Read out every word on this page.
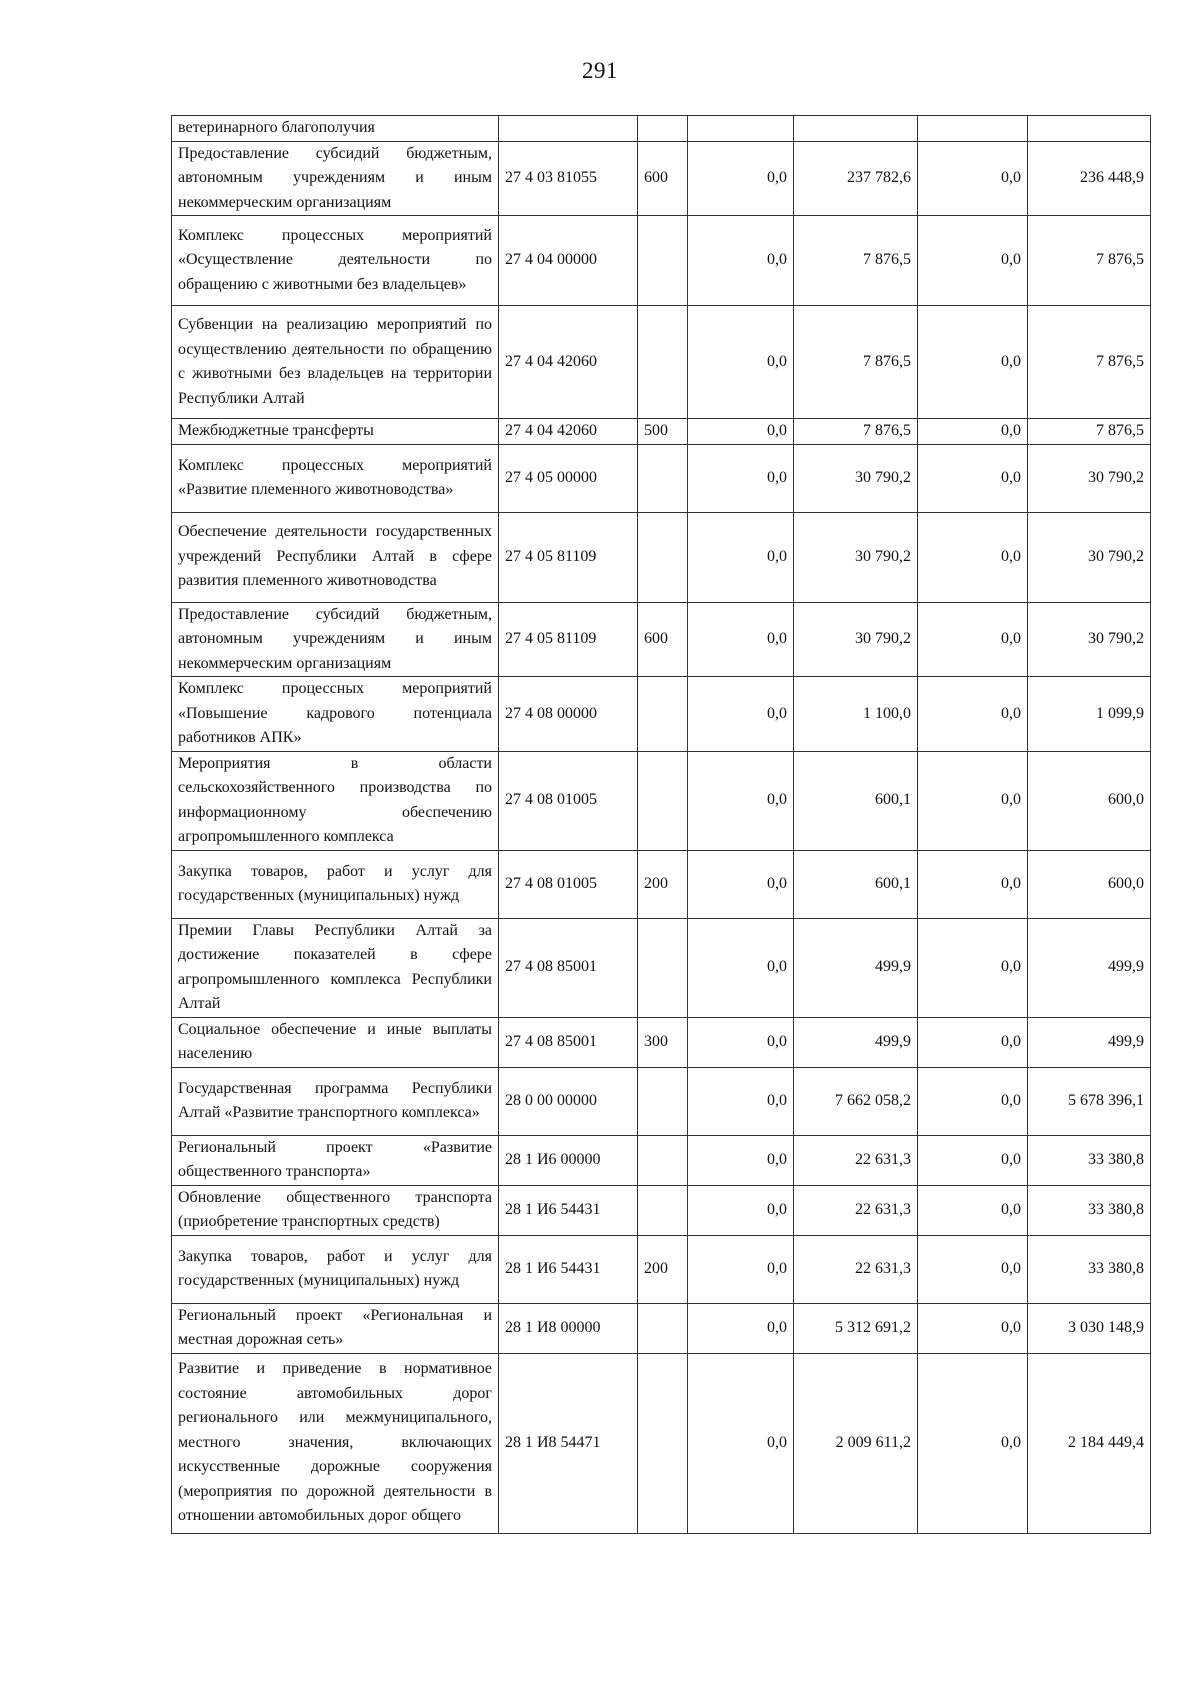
291
ветеринарного благополучия						
Предоставление субсидий бюджетным, автономным учреждениям и иным некоммерческим организациям	27 4 03 81055	600	0,0	237 782,6	0,0	236 448,9
Комплекс процессных мероприятий «Осуществление деятельности по обращению с животными без владельцев»	27 4 04 00000		0,0	7 876,5	0,0	7 876,5
Субвенции на реализацию мероприятий по осуществлению деятельности по обращению с животными без владельцев на территории Республики Алтай	27 4 04 42060		0,0	7 876,5	0,0	7 876,5
Межбюджетные трансферты	27 4 04 42060	500	0,0	7 876,5	0,0	7 876,5
Комплекс процессных мероприятий «Развитие племенного животноводства»	27 4 05 00000		0,0	30 790,2	0,0	30 790,2
Обеспечение деятельности государственных учреждений Республики Алтай в сфере развития племенного животноводства	27 4 05 81109		0,0	30 790,2	0,0	30 790,2
Предоставление субсидий бюджетным, автономным учреждениям и иным некоммерческим организациям	27 4 05 81109	600	0,0	30 790,2	0,0	30 790,2
Комплекс процессных мероприятий «Повышение кадрового потенциала работников АПК»	27 4 08 00000		0,0	1 100,0	0,0	1 099,9
Мероприятия в области сельскохозяйственного производства по информационному обеспечению агропромышленного комплекса	27 4 08 01005		0,0	600,1	0,0	600,0
Закупка товаров, работ и услуг для государственных (муниципальных) нужд	27 4 08 01005	200	0,0	600,1	0,0	600,0
Премии Главы Республики Алтай за достижение показателей в сфере агропромышленного комплекса Республики Алтай	27 4 08 85001		0,0	499,9	0,0	499,9
Социальное обеспечение и иные выплаты населению	27 4 08 85001	300	0,0	499,9	0,0	499,9
Государственная программа Республики Алтай «Развитие транспортного комплекса»	28 0 00 00000		0,0	7 662 058,2	0,0	5 678 396,1
Региональный проект «Развитие общественного транспорта»	28 1 И6 00000		0,0	22 631,3	0,0	33 380,8
Обновление общественного транспорта (приобретение транспортных средств)	28 1 И6 54431		0,0	22 631,3	0,0	33 380,8
Закупка товаров, работ и услуг для государственных (муниципальных) нужд	28 1 И6 54431	200	0,0	22 631,3	0,0	33 380,8
Региональный проект «Региональная и местная дорожная сеть»	28 1 И8 00000		0,0	5 312 691,2	0,0	3 030 148,9
Развитие и приведение в нормативное состояние автомобильных дорог регионального или межмуниципального, местного значения, включающих искусственные дорожные сооружения (мероприятия по дорожной деятельности в отношении автомобильных дорог общего	28 1 И8 54471		0,0	2 009 611,2	0,0	2 184 449,4
